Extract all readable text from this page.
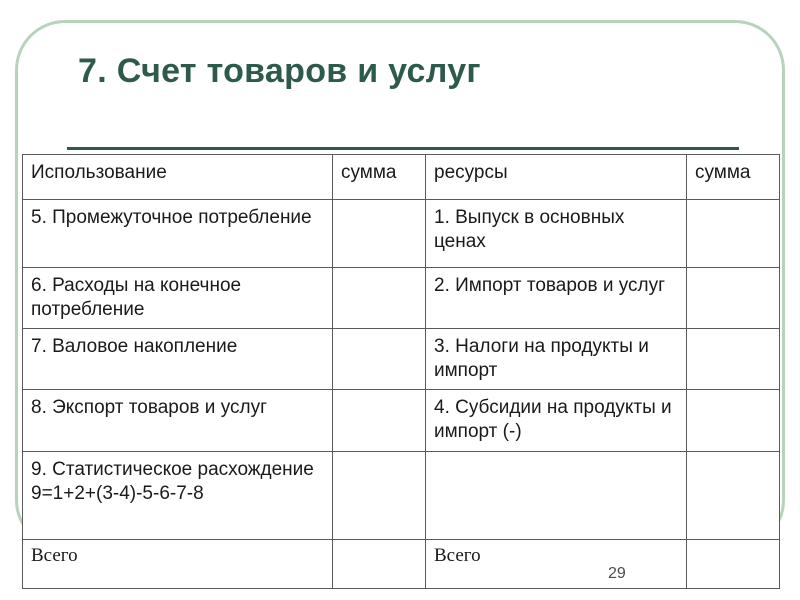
7. Счет товаров и услуг
Использование	сумма	ресурсы	сумма
5. Промежуточное потребление		1. Выпуск в основных ценах	
6. Расходы на конечное потребление		2. Импорт товаров и услуг	
7. Валовое накопление		3. Налоги на продукты и импорт	
8. Экспорт товаров и услуг		4. Субсидии на продукты и импорт (-)	
9. Статистическое расхождение 9=1+2+(3-4)-5-6-7-8			
Всего		Всего	
29
